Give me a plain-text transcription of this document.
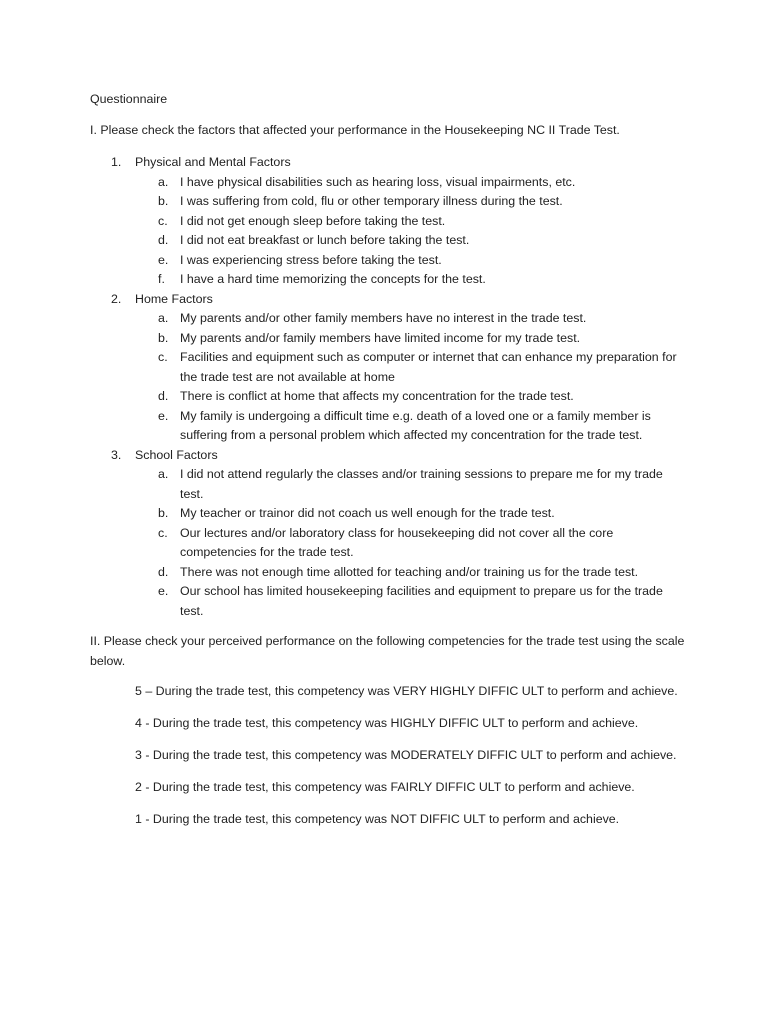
Questionnaire
I. Please check the factors that affected your performance in the Housekeeping NC II Trade Test.
1. Physical and Mental Factors
a. I have physical disabilities such as hearing loss, visual impairments, etc.
b. I was suffering from cold, flu or other temporary illness during the test.
c. I did not get enough sleep before taking the test.
d. I did not eat breakfast or lunch before taking the test.
e. I was experiencing stress before taking the test.
f. I have a hard time memorizing the concepts for the test.
2. Home Factors
a. My parents and/or other family members have no interest in the trade test.
b. My parents and/or family members have limited income for my trade test.
c. Facilities and equipment such as computer or internet that can enhance my preparation for the trade test are not available at home
d. There is conflict at home that affects my concentration for the trade test.
e. My family is undergoing a difficult time e.g. death of a loved one or a family member is suffering from a personal problem which affected my concentration for the trade test.
3. School Factors
a. I did not attend regularly the classes and/or training sessions to prepare me for my trade test.
b. My teacher or trainor did not coach us well enough for the trade test.
c. Our lectures and/or laboratory class for housekeeping did not cover all the core competencies for the trade test.
d. There was not enough time allotted for teaching and/or training us for the trade test.
e. Our school has limited housekeeping facilities and equipment to prepare us for the trade test.
II. Please check your perceived performance on the following competencies for the trade test using the scale below.
5 – During the trade test, this competency was VERY HIGHLY DIFFIC ULT to perform and achieve.
4 - During the trade test, this competency was HIGHLY DIFFIC ULT to perform and achieve.
3 - During the trade test, this competency was MODERATELY DIFFIC ULT to perform and achieve.
2 - During the trade test, this competency was FAIRLY DIFFIC ULT to perform and achieve.
1 - During the trade test, this competency was NOT DIFFIC ULT to perform and achieve.
